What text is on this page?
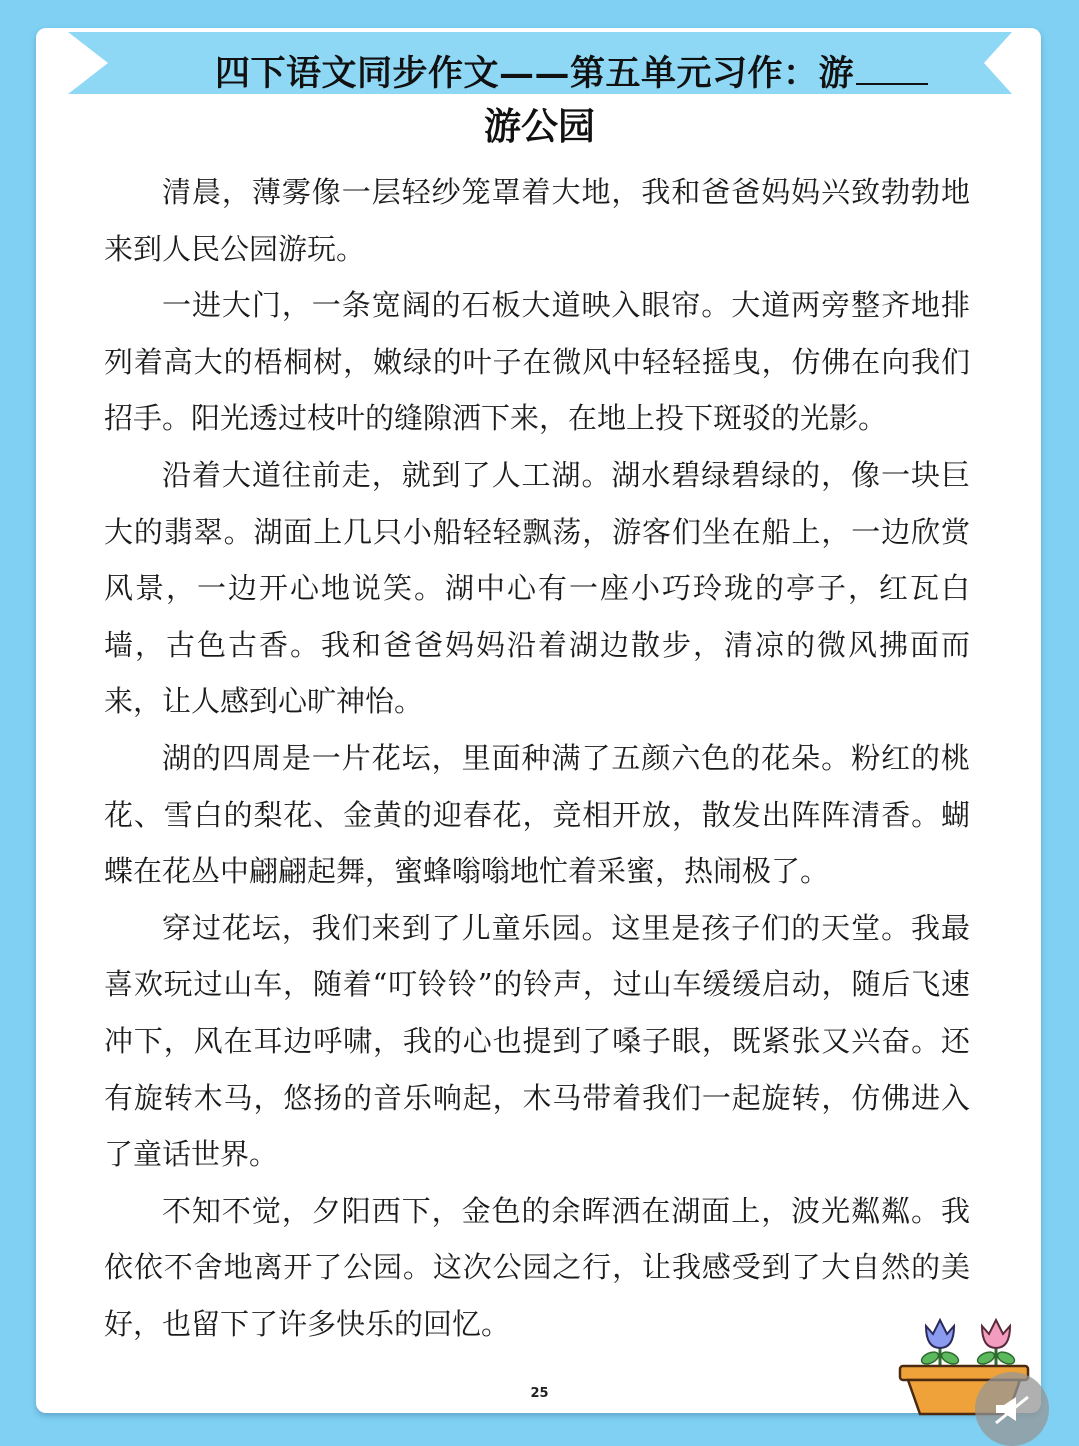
四下语文同步作文——第五单元习作：游
游公园

清晨，薄雾像一层轻纱笼罩着大地，我和爸爸妈妈兴致勃勃地来到人民公园游玩。

一进大门，一条宽阔的石板大道映入眼帘。大道两旁整齐地排列着高大的梧桐树，嫩绿的叶子在微风中轻轻摇曳，仿佛在向我们招手。阳光透过枝叶的缝隙洒下来，在地上投下斑驳的光影。

沿着大道往前走，就到了人工湖。湖水碧绿碧绿的，像一块巨大的翡翠。湖面上几只小船轻轻飘荡，游客们坐在船上，一边欣赏风景，一边开心地说笑。湖中心有一座小巧玲珑的亭子，红瓦白墙，古色古香。我和爸爸妈妈沿着湖边散步，清凉的微风拂面而来，让人感到心旷神怡。

湖的四周是一片花坛，里面种满了五颜六色的花朵。粉红的桃花、雪白的梨花、金黄的迎春花，竞相开放，散发出阵阵清香。蝴蝶在花丛中翩翩起舞，蜜蜂嗡嗡地忙着采蜜，热闹极了。

穿过花坛，我们来到了儿童乐园。这里是孩子们的天堂。我最喜欢玩过山车，随着“叮铃铃”的铃声，过山车缓缓启动，随后飞速冲下，风在耳边呼啸，我的心也提到了嗓子眼，既紧张又兴奋。还有旋转木马，悠扬的音乐响起，木马带着我们一起旋转，仿佛进入了童话世界。

不知不觉，夕阳西下，金色的余晖洒在湖面上，波光粼粼。我依依不舍地离开了公园。这次公园之行，让我感受到了大自然的美好，也留下了许多快乐的回忆。

25
